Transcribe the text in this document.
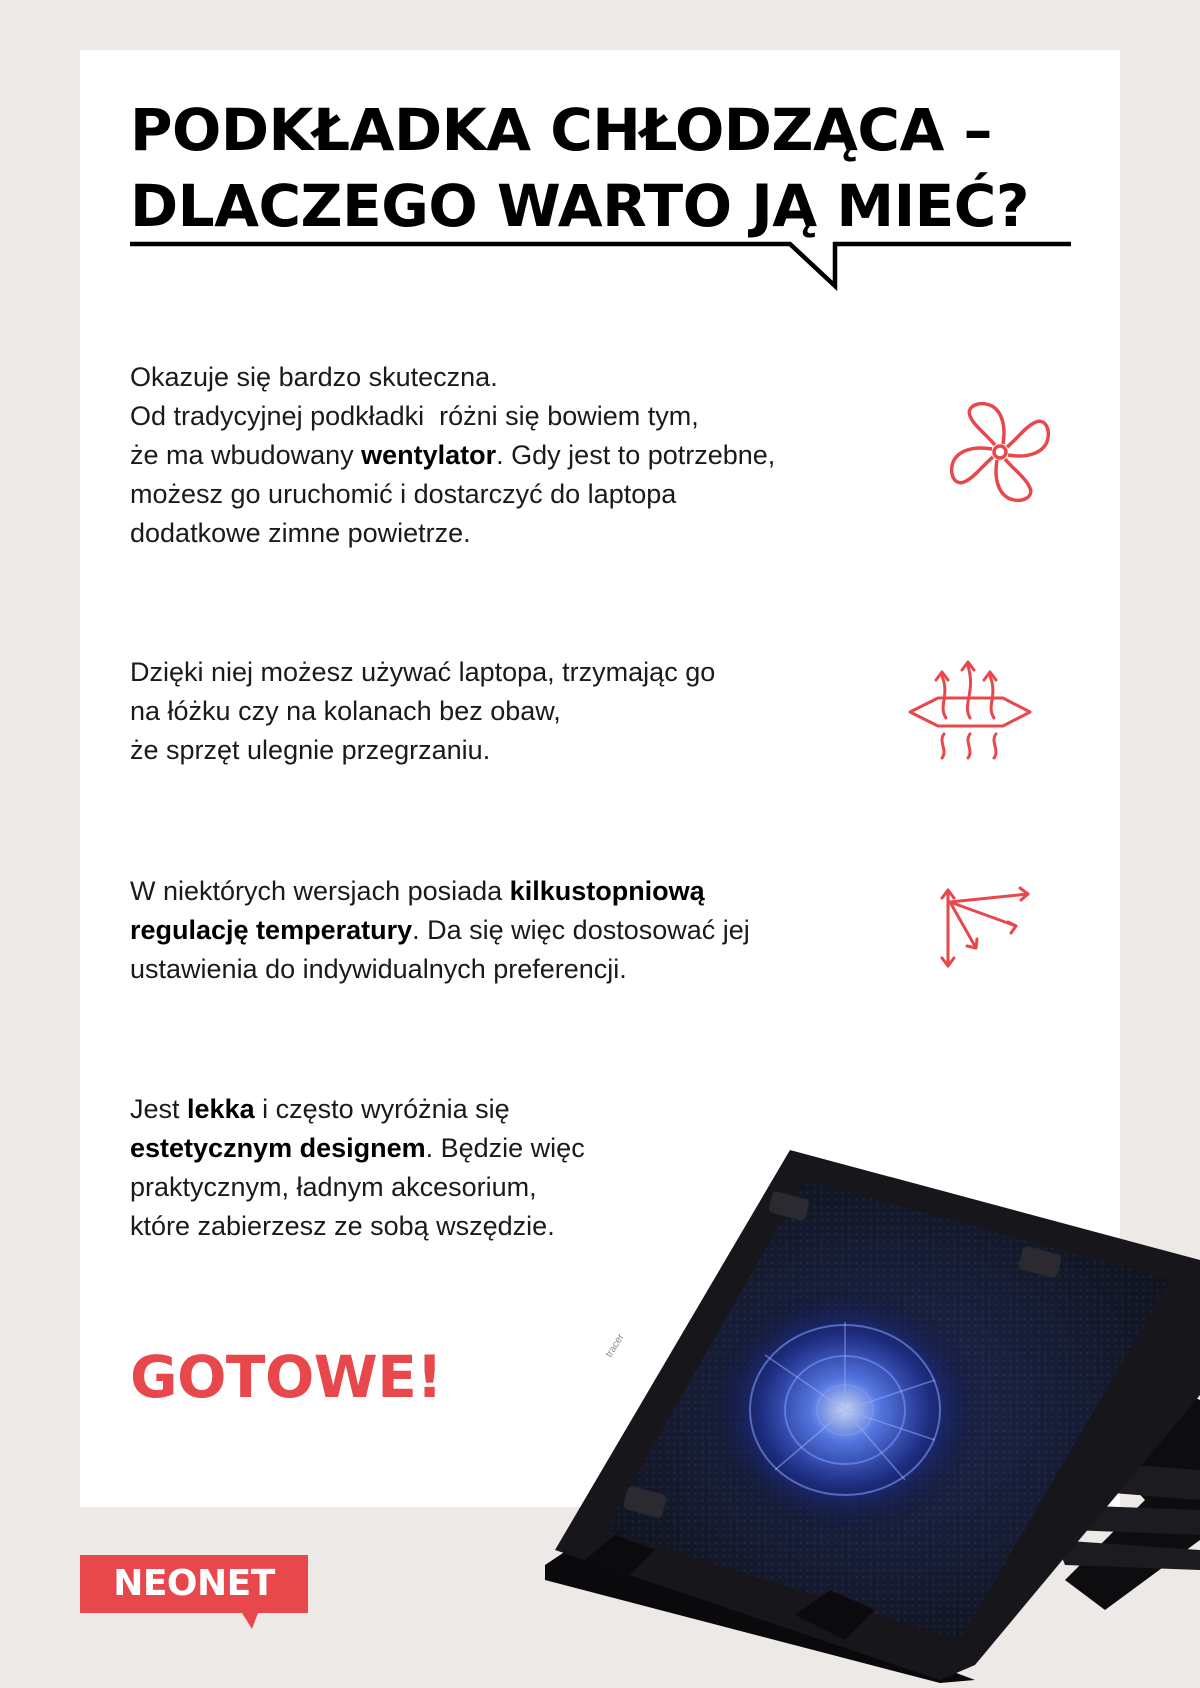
PODKŁADKA CHŁODZĄCA –
DLACZEGO WARTO JĄ MIEĆ?

Okazuje się bardzo skuteczna.
Od tradycyjnej podkładki  różni się bowiem tym,
że ma wbudowany wentylator. Gdy jest to potrzebne,
możesz go uruchomić i dostarczyć do laptopa
dodatkowe zimne powietrze.

Dzięki niej możesz używać laptopa, trzymając go
na łóżku czy na kolanach bez obaw,
że sprzęt ulegnie przegrzaniu.

W niektórych wersjach posiada kilkustopniową
regulację temperatury. Da się więc dostosować jej
ustawienia do indywidualnych preferencji.

Jest lekka i często wyróżnia się
estetycznym designem. Będzie więc
praktycznym, ładnym akcesorium,
które zabierzesz ze sobą wszędzie.

GOTOWE!	tracer
NEONET
